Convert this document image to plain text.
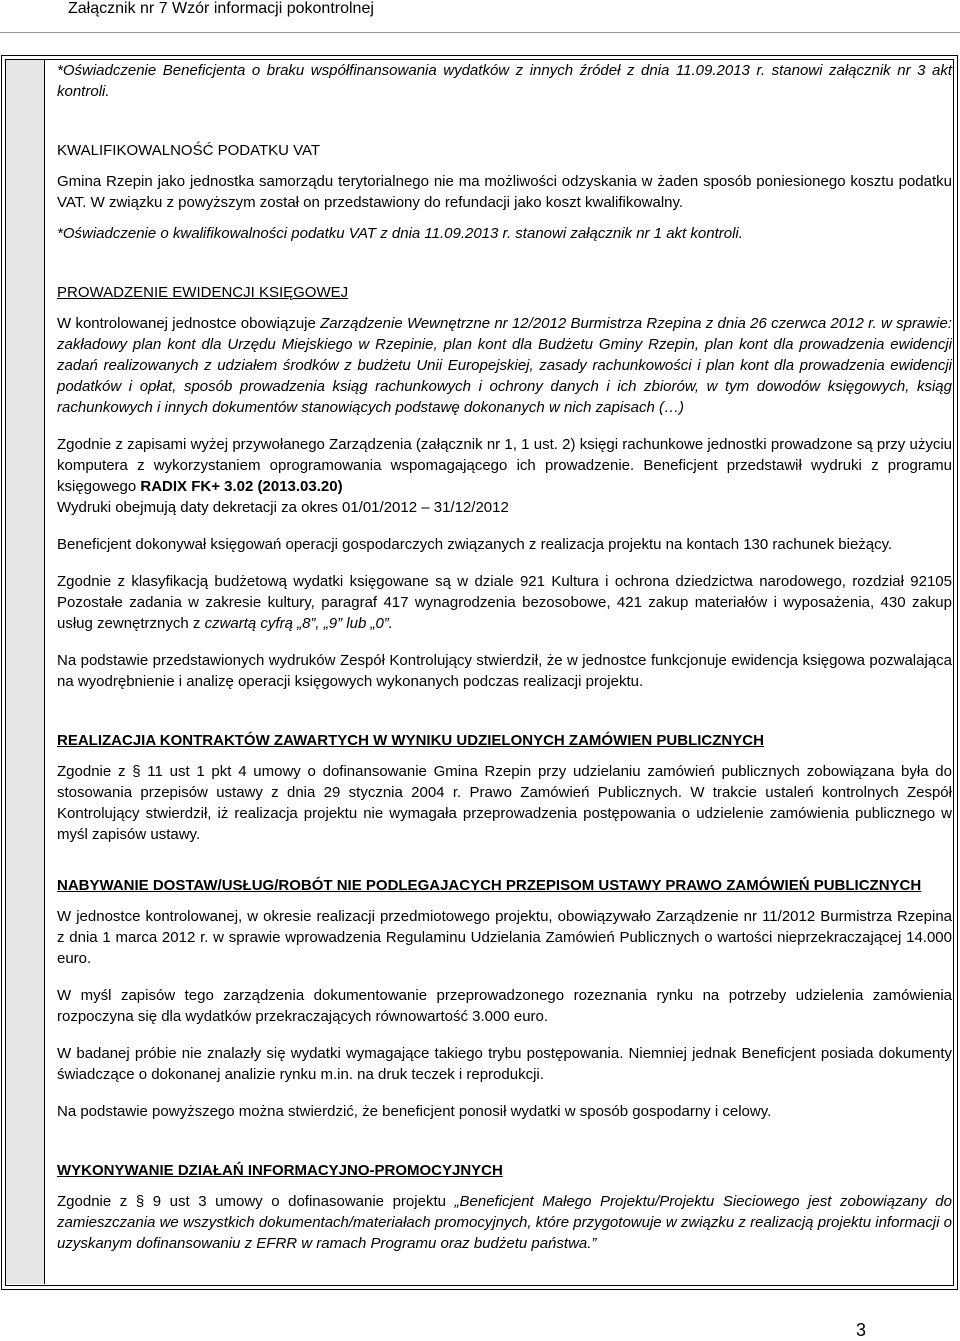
Załącznik nr 7 Wzór informacji pokontrolnej

*Oświadczenie Beneficjenta o braku współfinansowania wydatków z innych źródeł z dnia 11.09.2013 r. stanowi załącznik nr 3 akt kontroli.

KWALIFIKOWALNOŚĆ PODATKU VAT

Gmina Rzepin jako jednostka samorządu terytorialnego nie ma możliwości odzyskania w żaden sposób poniesionego kosztu podatku VAT. W związku z powyższym został on przedstawiony do refundacji jako koszt kwalifikowalny.

*Oświadczenie o kwalifikowalności podatku VAT z dnia 11.09.2013 r. stanowi załącznik nr 1 akt kontroli.

PROWADZENIE EWIDENCJI KSIĘGOWEJ

W kontrolowanej jednostce obowiązuje Zarządzenie Wewnętrzne nr 12/2012 Burmistrza Rzepina z dnia 26 czerwca 2012 r. w sprawie: zakładowy plan kont dla Urzędu Miejskiego w Rzepinie, plan kont dla Budżetu Gminy Rzepin, plan kont dla prowadzenia ewidencji zadań realizowanych z udziałem środków z budżetu Unii Europejskiej, zasady rachunkowości i plan kont dla prowadzenia ewidencji podatków i opłat, sposób prowadzenia ksiąg rachunkowych i ochrony danych i ich zbiorów, w tym dowodów księgowych, ksiąg rachunkowych i innych dokumentów stanowiących podstawę dokonanych w nich zapisach (…)

Zgodnie z zapisami wyżej przywołanego Zarządzenia (załącznik nr 1, 1 ust. 2) księgi rachunkowe jednostki prowadzone są przy użyciu komputera z wykorzystaniem oprogramowania wspomagającego ich prowadzenie. Beneficjent przedstawił wydruki z programu księgowego RADIX FK+ 3.02 (2013.03.20)
Wydruki obejmują daty dekretacji za okres 01/01/2012 – 31/12/2012

Beneficjent dokonywał księgowań operacji gospodarczych związanych z realizacja projektu na kontach 130 rachunek bieżący.

Zgodnie z klasyfikacją budżetową wydatki księgowane są w dziale 921 Kultura i ochrona dziedzictwa narodowego, rozdział 92105 Pozostałe zadania w zakresie kultury, paragraf 417 wynagrodzenia bezosobowe, 421 zakup materiałów i wyposażenia, 430 zakup usług zewnętrznych z czwartą cyfrą „8”, „9” lub „0”.

Na podstawie przedstawionych wydruków Zespół Kontrolujący stwierdził, że w jednostce funkcjonuje ewidencja księgowa pozwalająca na wyodrębnienie i analizę operacji księgowych wykonanych podczas realizacji projektu.

REALIZACJIA KONTRAKTÓW ZAWARTYCH W WYNIKU UDZIELONYCH ZAMÓWIEN PUBLICZNYCH

Zgodnie z § 11 ust 1 pkt 4 umowy o dofinansowanie Gmina Rzepin przy udzielaniu zamówień publicznych zobowiązana była do stosowania przepisów ustawy z dnia 29 stycznia 2004 r. Prawo Zamówień Publicznych. W trakcie ustaleń kontrolnych Zespół Kontrolujący stwierdził, iż realizacja projektu nie wymagała przeprowadzenia postępowania o udzielenie zamówienia publicznego w myśl zapisów ustawy.

NABYWANIE DOSTAW/USŁUG/ROBÓT NIE PODLEGAJACYCH PRZEPISOM USTAWY PRAWO ZAMÓWIEŃ PUBLICZNYCH

W jednostce kontrolowanej, w okresie realizacji przedmiotowego projektu, obowiązywało Zarządzenie nr 11/2012 Burmistrza Rzepina z dnia 1 marca 2012 r. w sprawie wprowadzenia Regulaminu Udzielania Zamówień Publicznych o wartości nieprzekraczającej 14.000 euro.

W myśl zapisów tego zarządzenia dokumentowanie przeprowadzonego rozeznania rynku na potrzeby udzielenia zamówienia rozpoczyna się dla wydatków przekraczających równowartość 3.000 euro.

W badanej próbie nie znalazły się wydatki wymagające takiego trybu postępowania. Niemniej jednak Beneficjent posiada dokumenty świadczące o dokonanej analizie rynku m.in. na druk teczek i reprodukcji.

Na podstawie powyższego można stwierdzić, że beneficjent ponosił wydatki w sposób gospodarny i celowy.

WYKONYWANIE DZIAŁAŃ INFORMACYJNO-PROMOCYJNYCH

Zgodnie z § 9 ust 3 umowy o dofinasowanie projektu „Beneficjent Małego Projektu/Projektu Sieciowego jest zobowiązany do zamieszczania we wszystkich dokumentach/materiałach promocyjnych, które przygotowuje w związku z realizacją projektu informacji o uzyskanym dofinansowaniu z EFRR w ramach Programu oraz budżetu państwa.”

3
